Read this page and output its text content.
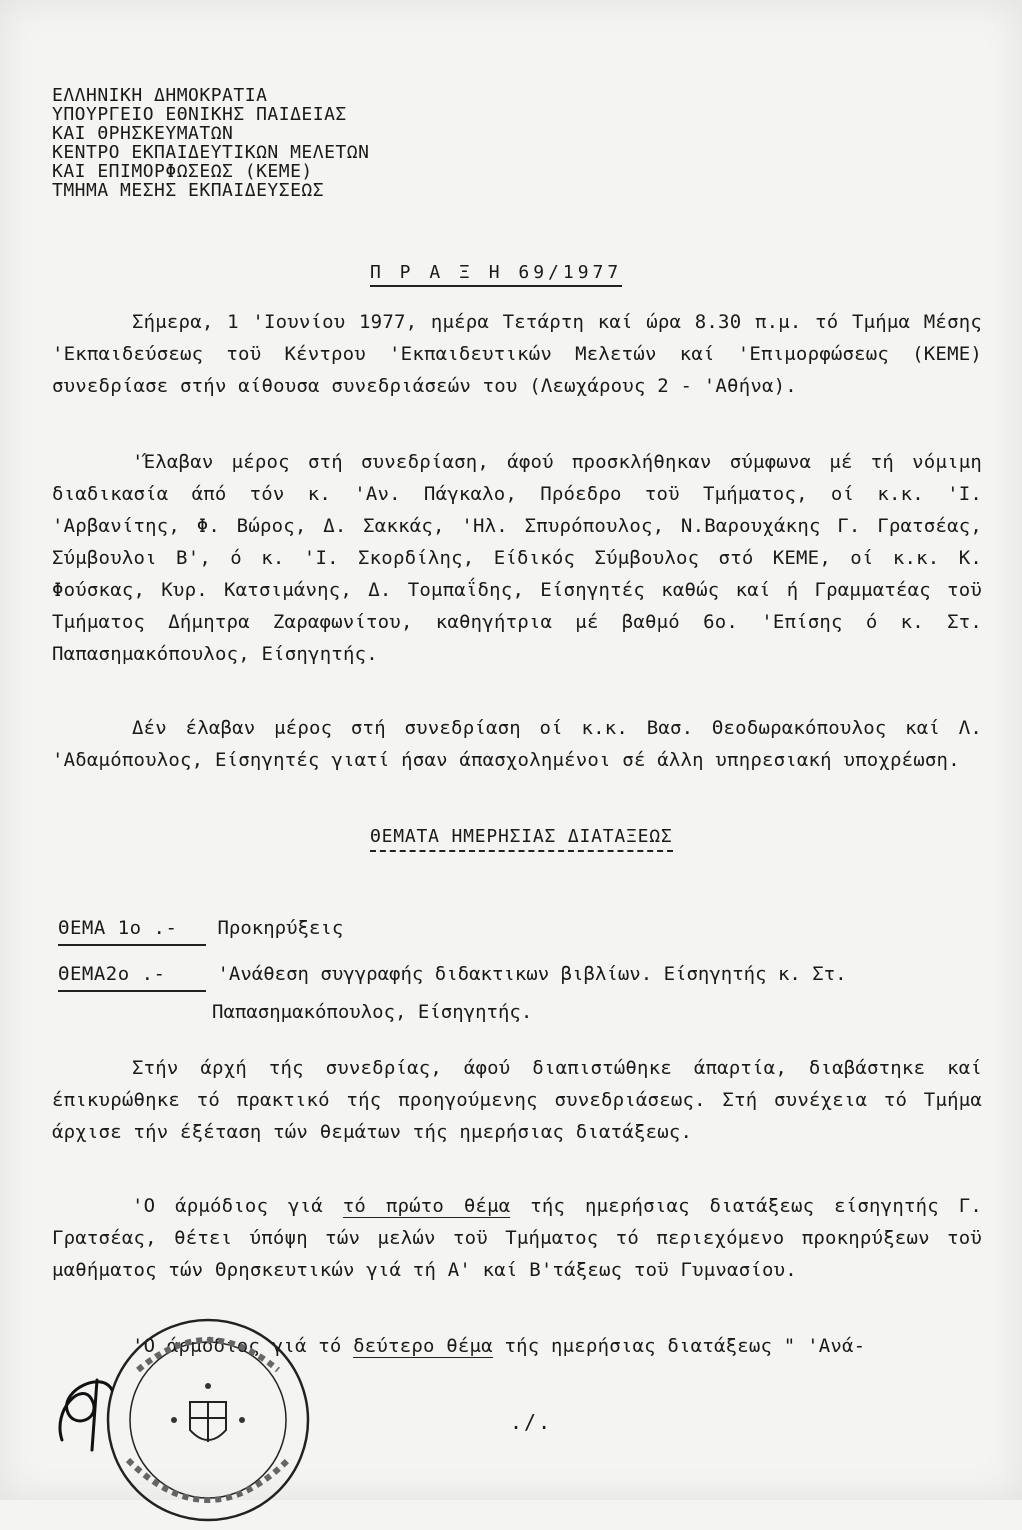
ΕΛΛΗΝΙΚΗ ΔΗΜΟΚΡΑΤΙΑ
ΥΠΟΥΡΓΕΙΟ ΕΘΝΙΚΗΣ ΠΑΙΔΕΙΑΣ
ΚΑΙ ΘΡΗΣΚΕΥΜΑΤΩΝ
ΚΕΝΤΡΟ ΕΚΠΑΙΔΕΥΤΙΚΩΝ ΜΕΛΕΤΩΝ
ΚΑΙ ΕΠΙΜΟΡΦΩΣΕΩΣ (ΚΕΜΕ)
ΤΜΗΜΑ ΜΕΣΗΣ ΕΚΠΑΙΔΕΥΣΕΩΣ
Π Ρ Α Ξ Η 69/1977
Σήμερα, 1 'Ιουνίου 1977, ημέρα Τετάρτη καί ώρα 8.30 π.μ. τό Τμήμα Μέσης 'Εκπαιδεύσεως τοϋ Κέντρου 'Εκπαιδευτικών Μελετών καί 'Επιμορφώσεως (ΚΕΜΕ) συνεδρίασε στήν αίθουσα συνεδριάσεών του (Λεωχάρους 2 - 'Αθήνα).
'Έλαβαν μέρος στή συνεδρίαση, άφού προσκλήθηκαν σύμφωνα μέ τή νόμιμη διαδικασία άπό τόν κ. 'Αν. Πάγκαλο, Πρόεδρο τοϋ Τμήματος, οί κ.κ. 'Ι. 'Αρβανίτης, Φ. Βώρος, Δ. Σακκάς, 'Ηλ. Σπυρόπουλος, Ν.Βαρουχάκης Γ. Γρατσέας, Σύμβουλοι Β', ό κ. 'Ι. Σκορδίλης, Είδικός Σύμβουλος στό ΚΕΜΕ, οί κ.κ. Κ. Φούσκας, Κυρ. Κατσιμάνης, Δ. Τομπαΐδης, Είσηγητές καθώς καί ή Γραμματέας τοϋ Τμήματος Δήμητρα Ζαραφωνίτου, καθηγήτρια μέ βαθμό 6ο. 'Επίσης ό κ. Στ. Παπασημακόπουλος, Είσηγητής.
Δέν έλαβαν μέρος στή συνεδρίαση οί κ.κ. Βασ. Θεοδωρακόπουλος καί Λ. 'Αδαμόπουλος, Είσηγητές γιατί ήσαν άπασχολημένοι σέ άλλη υπηρεσιακή υποχρέωση.
ΘΕΜΑΤΑ ΗΜΕΡΗΣΙΑΣ ΔΙΑΤΑΞΕΩΣ
ΘΕΜΑ 1ο .- Προκηρύξεις
ΘΕΜΑ2ο .-	'Ανάθεση συγγραφής διδακτικων βιβλίων. Είσηγητής κ. Στ.
Παπασημακόπουλος, Είσηγητής.
Στήν άρχή τής συνεδρίας, άφού διαπιστώθηκε άπαρτία, διαβάστηκε καί έπικυρώθηκε τό πρακτικό τής προηγούμενης συνεδριάσεως. Στή συνέχεια τό Τμήμα άρχισε τήν έξέταση τών θεμάτων τής ημερήσιας διατάξεως.
'Ο άρμόδιος γιά τό πρώτο θέμα τής ημερήσιας διατάξεως είσηγητής Γ. Γρατσέας, θέτει ύπόψη τών μελών τοϋ Τμήματος τό περιεχόμενο προκηρύξεων τοϋ μαθήματος τών Θρησκευτικών γιά τή Α' καί Β'τάξεως τοϋ Γυμνασίου.
'Ο άρμόδιος γιά τό δεύτερο θέμα τής ημερήσιας διατάξεως " 'Ανά-
./.
